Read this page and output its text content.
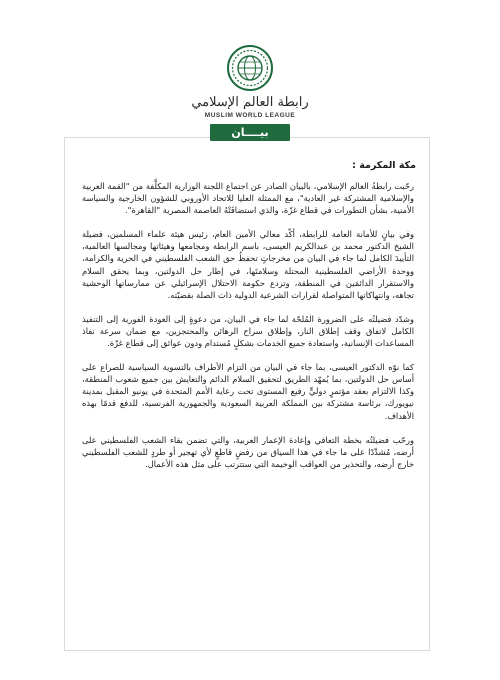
رابطة العالم الإسلامي
MUSLIM WORLD LEAGUE
بيــــان
مكة المكرمة :

رحّبت رابطةُ العالم الإسلامي، بالبيان الصادر عن اجتماع اللجنة الوزارية المكلَّفة من "القمة العربية والإسلامية المشتركة غير العادية"، مع الممثلة العليا للاتحاد الأوروبي للشؤون الخارجية والسياسة الأمنية، بشأن التطورات في قطاع غزّة، والذي استضافَتْهُ العاصمة المصرية "القاهرة".

وفي بيانٍ للأمانة العامة للرابطة، أكّد معالي الأمين العام، رئيس هيئة علماء المسلمين، فضيلة الشيخ الدكتور محمد بن عبدالكريم العيسى، باسم الرابطة ومجامعها وهيئاتها ومجالسها العالمية، التأييدَ الكامل لما جاء في البيان من مخرجاتٍ تحفظُ حق الشعب الفلسطيني في الحرية والكرامة، ووحدة الأراضي الفلسطينية المحتلة وسلامتَها، في إطار حل الدولتين، وبما يحقق السلام والاستقرار الدائمَين في المنطقة، وتردع حكومة الاحتلال الإسرائيلي عن ممارساتها الوحشية تجاهه، وانتهاكاتها المتواصلة لقرارات الشرعية الدولية ذات الصلة بقضيّته.

وشدّد فضيلتُه على الضرورة المُلحّة لما جاء في البيان، من دعوةٍ إلى العودة الفورية إلى التنفيذ الكامل لاتفاق وقف إطلاق النار، وإطلاق سراح الرهائن والمحتجزين، مع ضمان سرعة نفاذ المساعدات الإنسانية، واستعادة جميع الخدمات بشكلٍ مُستدام ودون عوائق إلى قطاع غزّة.

كما نوّه الدكتور العيسى، بما جاء في البيان من التزام الأطراف بالتسوية السياسية للصراع على أساس حل الدولتين، بما يُمهّد الطريق لتحقيق السلام الدائم والتعايش بين جميع شعوب المنطقة، وكذا الالتزام بعقد مؤتمرٍ دوليٍّ رفيع المستوى تحت رعاية الأمم المتحدة في يونيو المقبل بمدينة نيويورك، برئاسة مشتركة بين المملكة العربية السعودية والجمهورية الفرنسية، للدفع قدمًا بهذه الأهداف.

ورحّب فضيلتُه بخطة التعافي وإعادة الإعمار العربية، والتي تضمن بقاء الشعب الفلسطيني على أرضه، مُشدِّدًا على ما جاء في هذا السياق من رفضٍ قاطعٍ لأي تهجير أو طردٍ للشعب الفلسطيني خارج أرضه، والتحذير من العواقب الوخيمة التي ستترتب على مثل هذه الأعمال.
